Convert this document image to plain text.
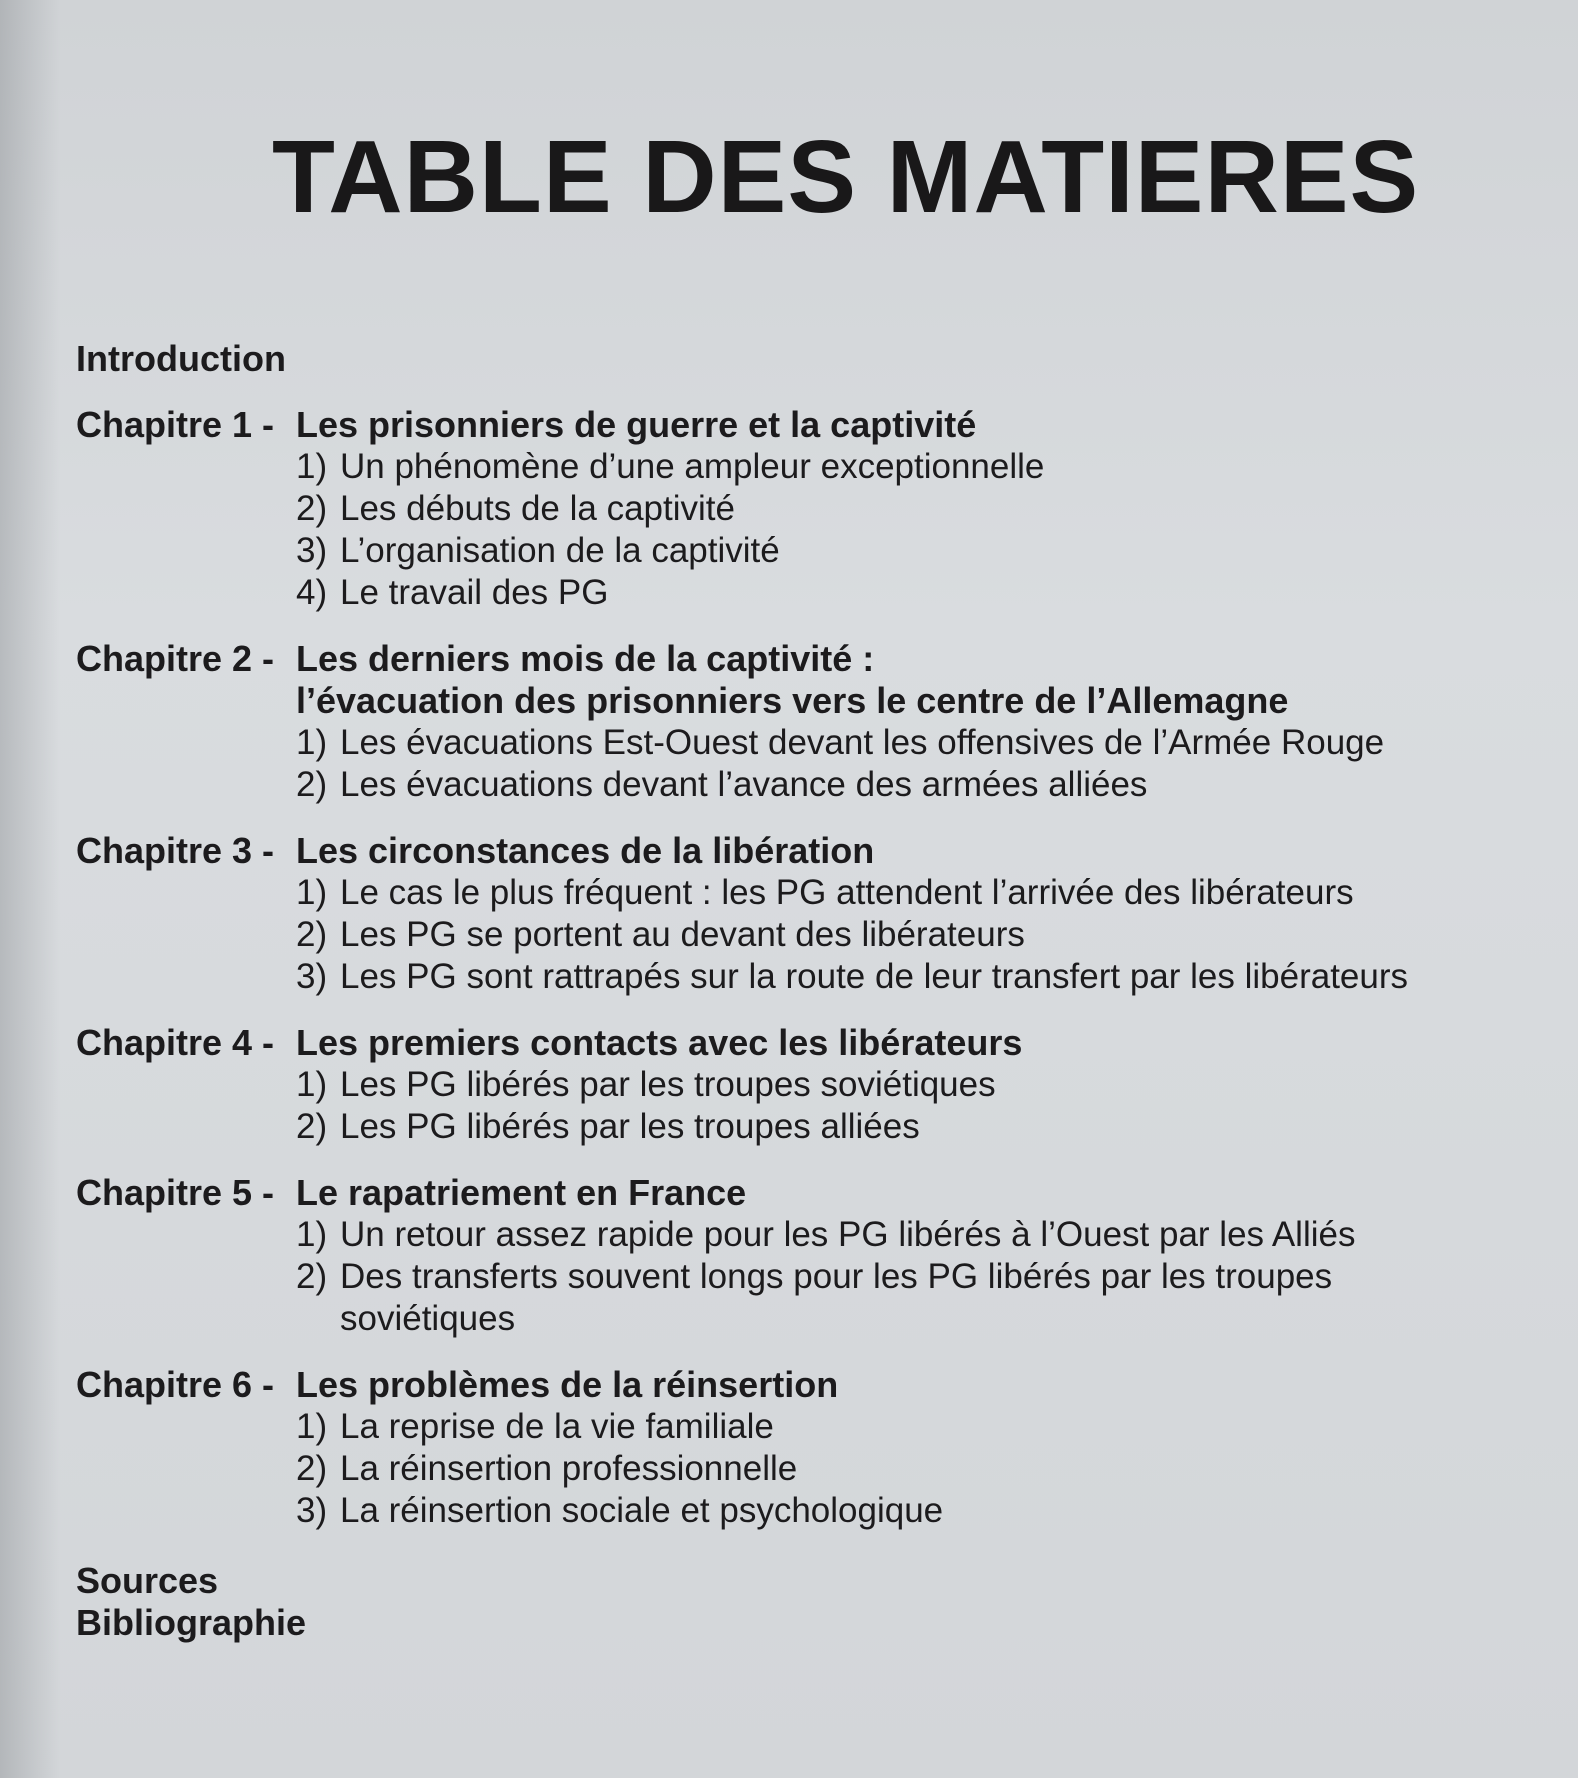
TABLE DES MATIERES
Introduction
Chapitre 1 - Les prisonniers de guerre et la captivité
1) Un phénomène d’une ampleur exceptionnelle
2) Les débuts de la captivité
3) L’organisation de la captivité
4) Le travail des PG
Chapitre 2 - Les derniers mois de la captivité :
l’évacuation des prisonniers vers le centre de l’Allemagne
1) Les évacuations Est-Ouest devant les offensives de l’Armée Rouge
2) Les évacuations devant l’avance des armées alliées
Chapitre 3 - Les circonstances de la libération
1) Le cas le plus fréquent : les PG attendent l’arrivée des libérateurs
2) Les PG se portent au devant des libérateurs
3) Les PG sont rattrapés sur la route de leur transfert par les libérateurs
Chapitre 4 - Les premiers contacts avec les libérateurs
1) Les PG libérés par les troupes soviétiques
2) Les PG libérés par les troupes alliées
Chapitre 5 - Le rapatriement en France
1) Un retour assez rapide pour les PG libérés à l’Ouest par les Alliés
2) Des transferts souvent longs pour les PG libérés par les troupes soviétiques
Chapitre 6 - Les problèmes de la réinsertion
1) La reprise de la vie familiale
2) La réinsertion professionnelle
3) La réinsertion sociale et psychologique
Sources
Bibliographie
